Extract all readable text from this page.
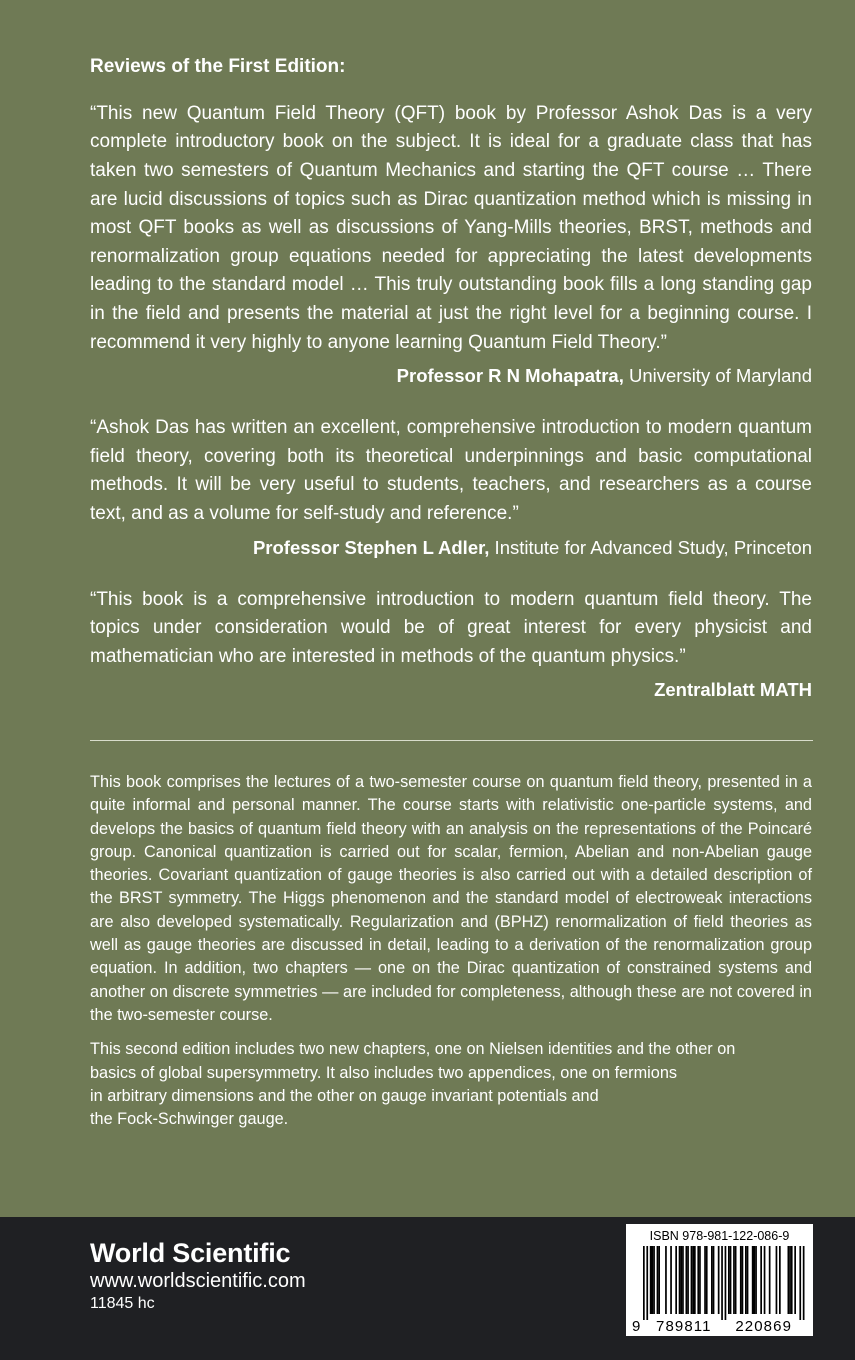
Reviews of the First Edition:

“This new Quantum Field Theory (QFT) book by Professor Ashok Das is a very complete introductory book on the subject. It is ideal for a graduate class that has taken two semesters of Quantum Mechanics and starting the QFT course … There are lucid discussions of topics such as Dirac quantization method which is missing in most QFT books as well as discussions of Yang-Mills theories, BRST, methods and renormalization group equations needed for appreciating the latest developments leading to the standard model … This truly outstanding book fills a long standing gap in the field and presents the material at just the right level for a beginning course. I recommend it very highly to anyone learning Quantum Field Theory.”

Professor R N Mohapatra, University of Maryland

“Ashok Das has written an excellent, comprehensive introduction to modern quantum field theory, covering both its theoretical underpinnings and basic computational methods. It will be very useful to students, teachers, and researchers as a course text, and as a volume for self-study and reference.”

Professor Stephen L Adler, Institute for Advanced Study, Princeton

“This book is a comprehensive introduction to modern quantum field theory. The topics under consideration would be of great interest for every physicist and mathematician who are interested in methods of the quantum physics.”

Zentralblatt MATH

This book comprises the lectures of a two-semester course on quantum field theory, presented in a quite informal and personal manner. The course starts with relativistic one-particle systems, and develops the basics of quantum field theory with an analysis on the representations of the Poincaré group. Canonical quantization is carried out for scalar, fermion, Abelian and non-Abelian gauge theories. Covariant quantization of gauge theories is also carried out with a detailed description of the BRST symmetry. The Higgs phenomenon and the standard model of electroweak interactions are also developed systematically. Regularization and (BPHZ) renormalization of field theories as well as gauge theories are discussed in detail, leading to a derivation of the renormalization group equation. In addition, two chapters — one on the Dirac quantization of constrained systems and another on discrete symmetries — are included for completeness, although these are not covered in the two-semester course.

This second edition includes two new chapters, one on Nielsen identities and the other on
basics of global supersymmetry. It also includes two appendices, one on fermions
in arbitrary dimensions and the other on gauge invariant potentials and
the Fock-Schwinger gauge.

World Scientific
www.worldscientific.com
11845 hc
ISBN 978-981-122-086-9
9 789811 220869
